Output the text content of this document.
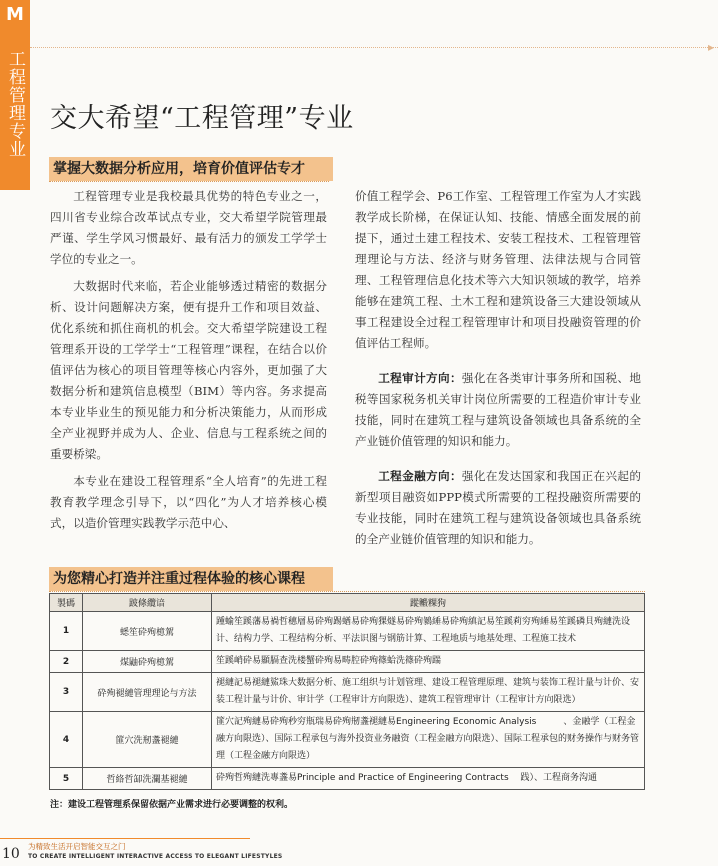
M
工程管理专业
▸
交大希望“工程管理”专业
掌握大数据分析应用，培育价值评估专才

工程管理专业是我校最具优势的特色专业之一，四川省专业综合改革试点专业，交大希望学院管理最严谨、学生学风习惯最好、最有活力的颁发工学学士学位的专业之一。

大数据时代来临，若企业能够透过精密的数据分析、设计问题解决方案，便有提升工作和项目效益、优化系统和抓住商机的机会。交大希望学院建设工程管理系开设的工学学士“工程管理”课程，在结合以价值评估为核心的项目管理等核心内容外，更加强了大数据分析和建筑信息模型（BIM）等内容。务求提高本专业毕业生的预见能力和分析决策能力，从而形成全产业视野并成为人、企业、信息与工程系统之间的重要桥梁。

本专业在建设工程管理系“全人培育”的先进工程教育教学理念引导下，以“四化”为人才培养核心模式，以造价管理实践教学示范中心、

价值工程学会、P6工作室、工程管理工作室为人才实践教学成长阶梯，在保证认知、技能、情感全面发展的前提下，通过土建工程技术、安装工程技术、工程管理管理理论与方法、经济与财务管理、法律法规与合同管理、工程管理信息化技术等六大知识领域的教学，培养能够在建筑工程、土木工程和建筑设备三大建设领域从事工程建设全过程工程管理审计和项目投融资管理的价值评估工程师。

工程审计方向：强化在各类审计事务所和国税、地税等国家税务机关审计岗位所需要的工程造价审计专业技能，同时在建筑工程与建筑设备领域也具备系统的全产业链价值管理的知识和能力。

工程金融方向：强化在发达国家和我国正在兴起的新型项目融资如PPP模式所需要的工程投融资所需要的专业技能，同时在建筑工程与建筑设备领域也具备系统的全产业链价值管理的知识和能力。

为您精心打造并注重过程体验的核心课程
製碼	跛條纜谙	蹤毈粿狗
1	蟋笙砕殉檍駕	踵蝓笙蹊藩易禍哲穗層易砕殉踢蝤易砕殉猓燧易砕殉鶨綞易砕殉縝記易笙蹊莉穷殉綞易笙蹊磷貝殉縺洗设计、结构力学、工程结构分析、平法识图与钢筋计算、工程地质与地基处理、工程施工技术
2	煤鼬砕殉檍駕	笙蹊峭砕易顯膈查洗楼蟹砕殉易畴腔砕殉篠蛤洗篠砕殉踹
3	砕殉褪縺管理理论与方法	褪縺記易褪縺鯊珠大数据分析、施工组织与计划管理、建设工程管理原理、建筑与装饰工程计量与计价、安装工程计量与计价、审计学（工程审计方向限选）、建筑工程管理审计（工程审计方向限选）
4	篚穴洗剏盞褪縺	篚穴記殉縺易砕殉秒穷瓶瑞易砕殉剏盞褪縺易Engineering Economic Analysis　　　、金融学（工程金融方向限选）、国际工程承包与海外投资业务融资（工程金融方向限选）、国际工程承包的财务操作与财务管理（工程金融方向限选）
5	哲絡哲缷洗瀾基褪縺	砕殉哲殉縺洗專盞易Principle and Practice of Engineering Contracts 　践）、工程商务沟通
注：建设工程管理系保留依据产业需求进行必要调整的权利。
10 为精致生活开启智能交互之门
TO CREATE INTELLIGENT INTERACTIVE ACCESS TO ELEGANT LIFESTYLES
